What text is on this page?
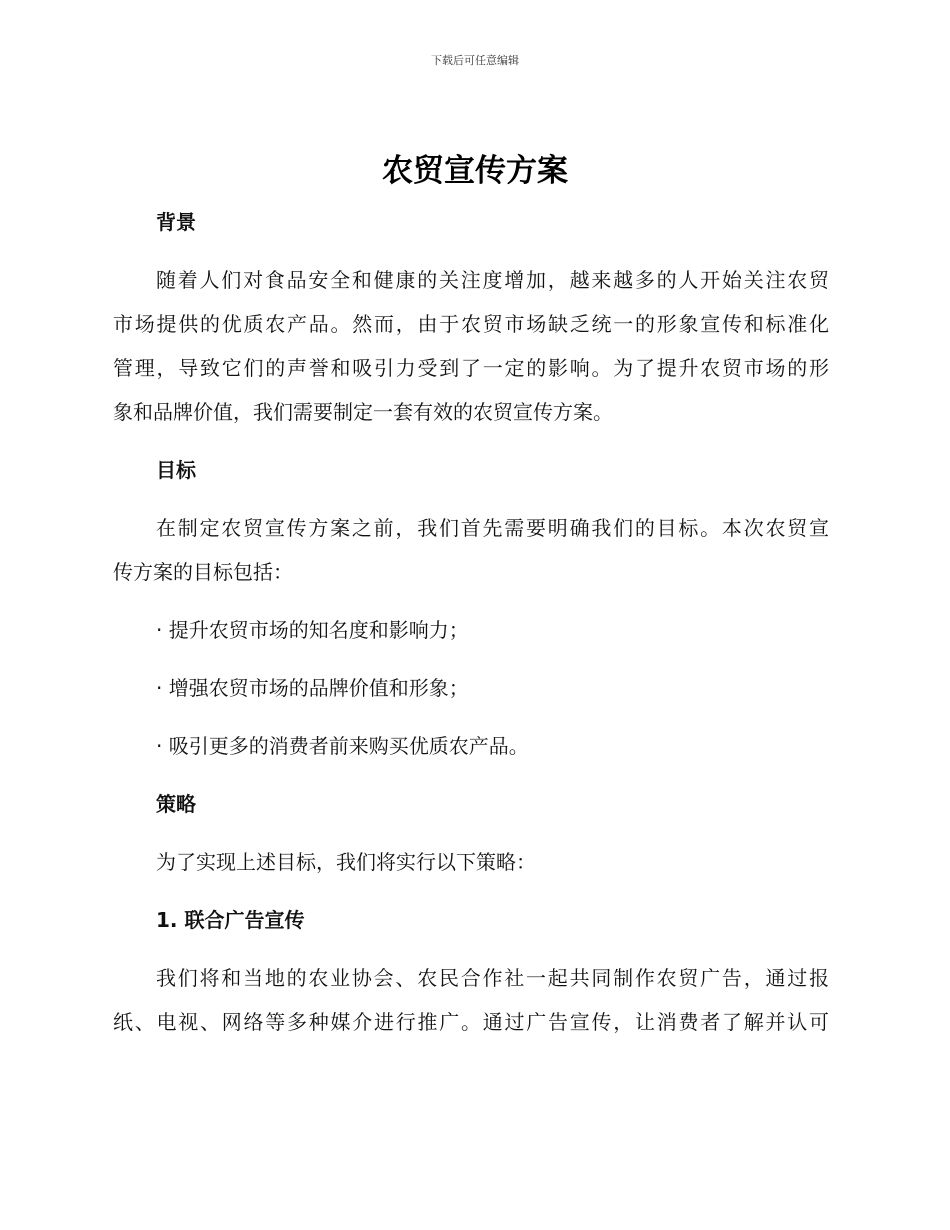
下载后可任意编辑
农贸宣传方案
背景
随着人们对食品安全和健康的关注度增加，越来越多的人开始关注农贸
市场提供的优质农产品。然而，由于农贸市场缺乏统一的形象宣传和标准化
管理，导致它们的声誉和吸引力受到了一定的影响。为了提升农贸市场的形
象和品牌价值，我们需要制定一套有效的农贸宣传方案。
目标
在制定农贸宣传方案之前，我们首先需要明确我们的目标。本次农贸宣
传方案的目标包括：
· 提升农贸市场的知名度和影响力；
· 增强农贸市场的品牌价值和形象；
· 吸引更多的消费者前来购买优质农产品。
策略
为了实现上述目标，我们将实行以下策略：
1. 联合广告宣传
我们将和当地的农业协会、农民合作社一起共同制作农贸广告，通过报
纸、电视、网络等多种媒介进行推广。通过广告宣传，让消费者了解并认可
